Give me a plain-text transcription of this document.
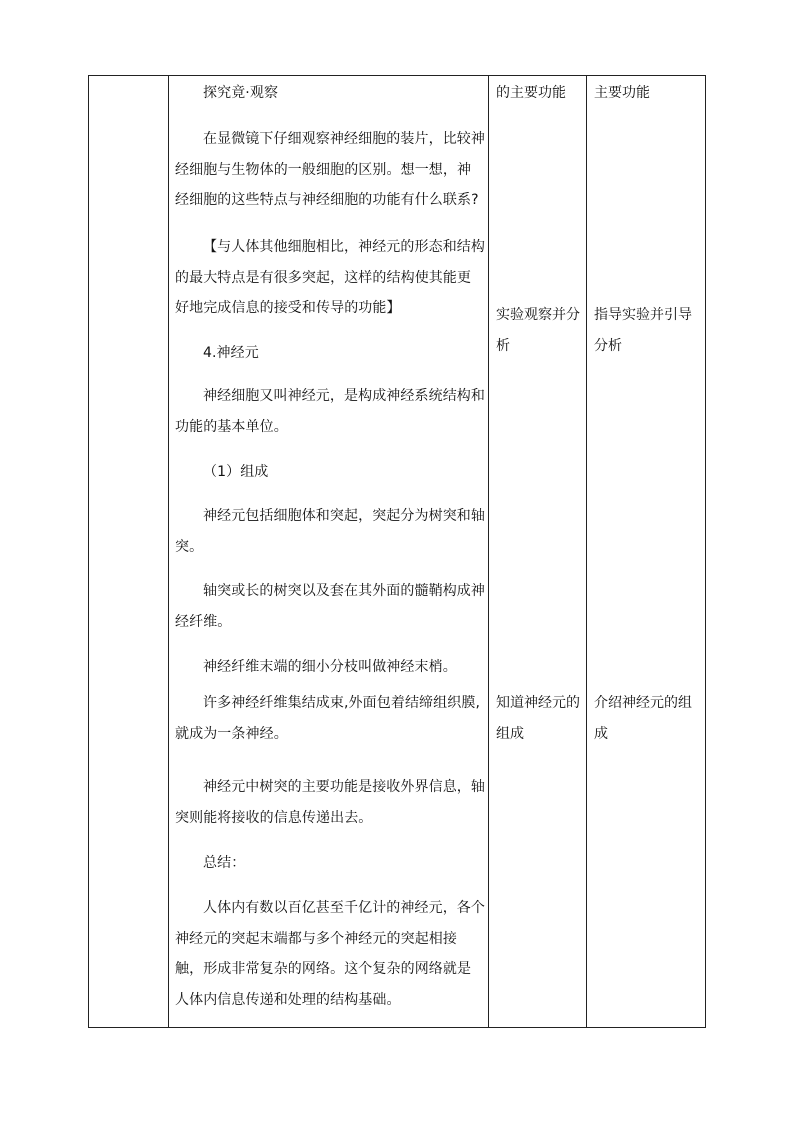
探究竟·观察

在显微镜下仔细观察神经细胞的装片，比较神经细胞与生物体的一般细胞的区别。想一想，神经细胞的这些特点与神经细胞的功能有什么联系?

【与人体其他细胞相比，神经元的形态和结构的最大特点是有很多突起，这样的结构使其能更好地完成信息的接受和传导的功能】

4.神经元

神经细胞又叫神经元，是构成神经系统结构和功能的基本单位。

（1）组成

神经元包括细胞体和突起，突起分为树突和轴突。

轴突或长的树突以及套在其外面的髓鞘构成神经纤维。

神经纤维末端的细小分枝叫做神经末梢。

许多神经纤维集结成束,外面包着结缔组织膜,就成为一条神经。

神经元中树突的主要功能是接收外界信息，轴突则能将接收的信息传递出去。

总结：

人体内有数以百亿甚至千亿计的神经元，各个神经元的突起末端都与多个神经元的突起相接触，形成非常复杂的网络。这个复杂的网络就是人体内信息传递和处理的结构基础。

的主要功能

实验观察并分析

知道神经元的组成

主要功能

指导实验并引导分析

介绍神经元的组成
